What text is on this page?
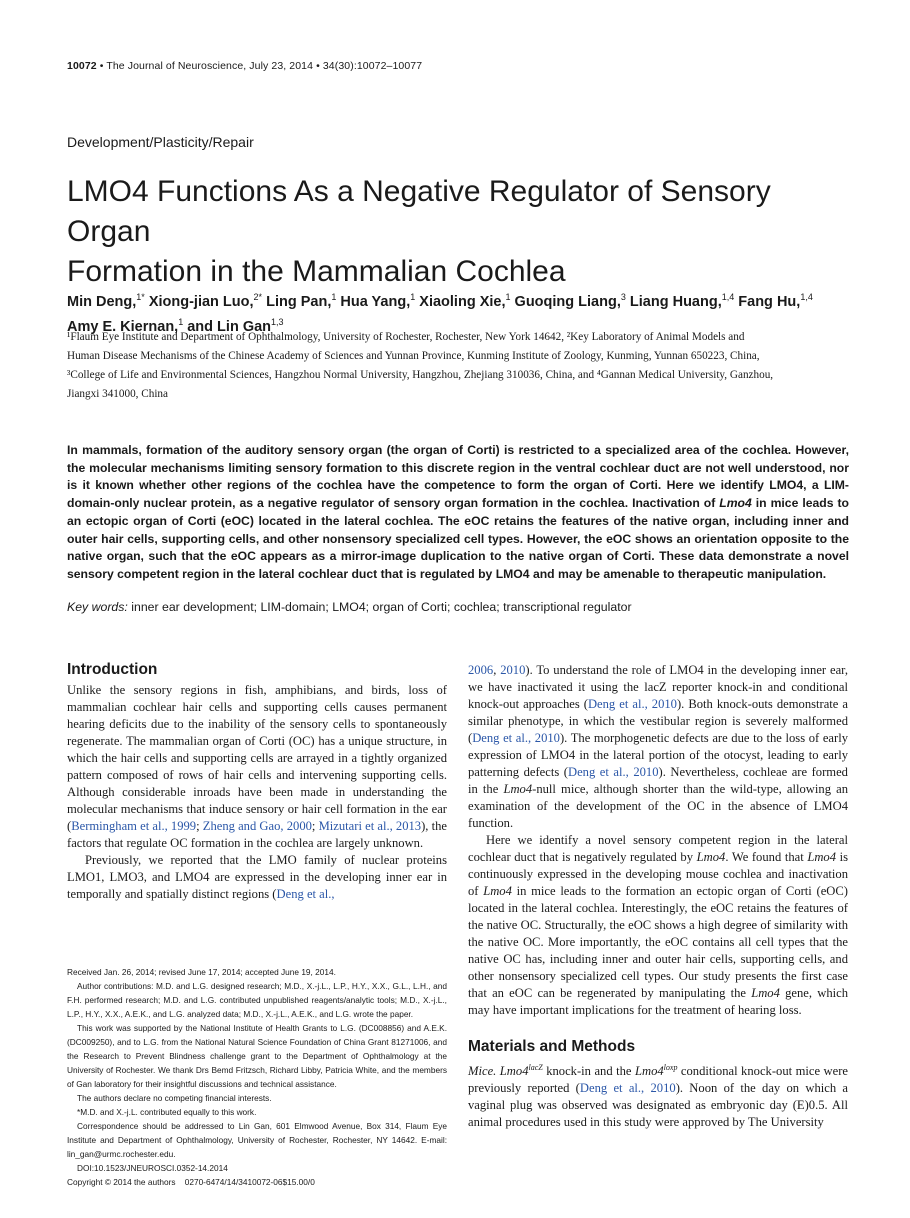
10072 • The Journal of Neuroscience, July 23, 2014 • 34(30):10072–10077
Development/Plasticity/Repair
LMO4 Functions As a Negative Regulator of Sensory Organ
Formation in the Mammalian Cochlea
Min Deng,$^{1*}$ Xiong-jian Luo,$^{2*}$ Ling Pan,$^1$ Hua Yang,$^1$ Xiaoling Xie,$^1$ Guoqing Liang,$^3$ Liang Huang,$^{1,4}$ Fang Hu,$^{1,4}$
Amy E. Kiernan,$^1$ and Lin Gan$^{1,3}$
¹Flaum Eye Institute and Department of Ophthalmology, University of Rochester, Rochester, New York 14642, ²Key Laboratory of Animal Models and
Human Disease Mechanisms of the Chinese Academy of Sciences and Yunnan Province, Kunming Institute of Zoology, Kunming, Yunnan 650223, China,
³College of Life and Environmental Sciences, Hangzhou Normal University, Hangzhou, Zhejiang 310036, China, and ⁴Gannan Medical University, Ganzhou,
Jiangxi 341000, China
In mammals, formation of the auditory sensory organ (the organ of Corti) is restricted to a specialized area of the cochlea. However, the molecular mechanisms limiting sensory formation to this discrete region in the ventral cochlear duct are not well understood, nor is it known whether other regions of the cochlea have the competence to form the organ of Corti. Here we identify LMO4, a LIM-domain-only nuclear protein, as a negative regulator of sensory organ formation in the cochlea. Inactivation of Lmo4 in mice leads to an ectopic organ of Corti (eOC) located in the lateral cochlea. The eOC retains the features of the native organ, including inner and outer hair cells, supporting cells, and other nonsensory specialized cell types. However, the eOC shows an orientation opposite to the native organ, such that the eOC appears as a mirror-image duplication to the native organ of Corti. These data demonstrate a novel sensory competent region in the lateral cochlear duct that is regulated by LMO4 and may be amenable to therapeutic manipulation.
Key words: inner ear development; LIM-domain; LMO4; organ of Corti; cochlea; transcriptional regulator
Introduction

Unlike the sensory regions in fish, amphibians, and birds, loss of mammalian cochlear hair cells and supporting cells causes permanent hearing deficits due to the inability of the sensory cells to spontaneously regenerate. The mammalian organ of Corti (OC) has a unique structure, in which the hair cells and supporting cells are arrayed in a tightly organized pattern composed of rows of hair cells and intervening supporting cells. Although considerable inroads have been made in understanding the molecular mechanisms that induce sensory or hair cell formation in the ear (Bermingham et al., 1999; Zheng and Gao, 2000; Mizutari et al., 2013), the factors that regulate OC formation in the cochlea are largely unknown.

Previously, we reported that the LMO family of nuclear proteins LMO1, LMO3, and LMO4 are expressed in the developing inner ear in temporally and spatially distinct regions (Deng et al.,

2006, 2010). To understand the role of LMO4 in the developing inner ear, we have inactivated it using the lacZ reporter knock-in and conditional knock-out approaches (Deng et al., 2010). Both knock-outs demonstrate a similar phenotype, in which the vestibular region is severely malformed (Deng et al., 2010). The morphogenetic defects are due to the loss of early expression of LMO4 in the lateral portion of the otocyst, leading to early patterning defects (Deng et al., 2010). Nevertheless, cochleae are formed in the Lmo4-null mice, although shorter than the wild-type, allowing an examination of the development of the OC in the absence of LMO4 function.

Here we identify a novel sensory competent region in the lateral cochlear duct that is negatively regulated by Lmo4. We found that Lmo4 is continuously expressed in the developing mouse cochlea and inactivation of Lmo4 in mice leads to the formation an ectopic organ of Corti (eOC) located in the lateral cochlea. Interestingly, the eOC retains the features of the native OC. Structurally, the eOC shows a high degree of similarity with the native OC. More importantly, the eOC contains all cell types that the native OC has, including inner and outer hair cells, supporting cells, and other nonsensory specialized cell types. Our study presents the first case that an eOC can be regenerated by manipulating the Lmo4 gene, which may have important implications for the treatment of hearing loss.

Materials and Methods

Mice. $Lmo4^{lacZ}$ knock-in and the $Lmo4^{loxp}$ conditional knock-out mice were previously reported (Deng et al., 2010). Noon of the day on which a vaginal plug was observed was designated as embryonic day (E)0.5. All animal procedures used in this study were approved by The University

Received Jan. 26, 2014; revised June 17, 2014; accepted June 19, 2014.

Author contributions: M.D. and L.G. designed research; M.D., X.-j.L., L.P., H.Y., X.X., G.L., L.H., and F.H. performed research; M.D. and L.G. contributed unpublished reagents/analytic tools; M.D., X.-j.L., L.P., H.Y., X.X., A.E.K., and L.G. analyzed data; M.D., X.-j.L., A.E.K., and L.G. wrote the paper.

This work was supported by the National Institute of Health Grants to L.G. (DC008856) and A.E.K. (DC009250), and to L.G. from the National Natural Science Foundation of China Grant 81271006, and the Research to Prevent Blindness challenge grant to the Department of Ophthalmology at the University of Rochester. We thank Drs Bemd Fritzsch, Richard Libby, Patricia White, and the members of Gan laboratory for their insightful discussions and technical assistance.

The authors declare no competing financial interests.

*M.D. and X.-j.L. contributed equally to this work.

Correspondence should be addressed to Lin Gan, 601 Elmwood Avenue, Box 314, Flaum Eye Institute and Department of Ophthalmology, University of Rochester, Rochester, NY 14642. E-mail: lin_gan@urmc.rochester.edu.

DOI:10.1523/JNEUROSCI.0352-14.2014

Copyright © 2014 the authors    0270-6474/14/3410072-06$15.00/0
